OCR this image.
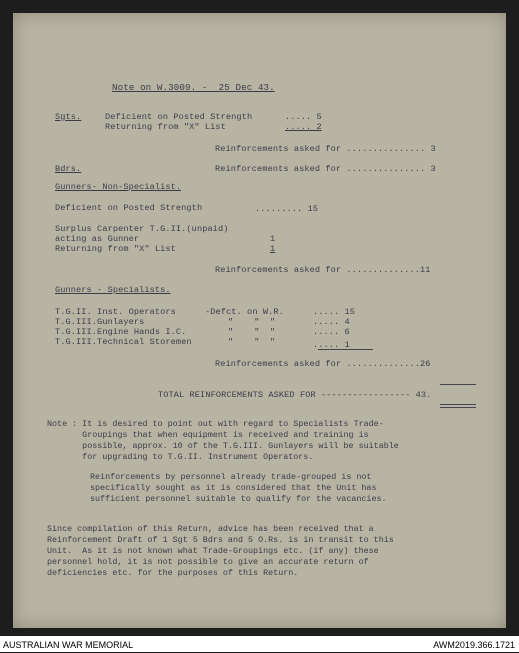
Note on W.3009. -  25 Dec 43.
Sgts.	Deficient on Posted Strength	..... 5
Returning from "X" List	..... 2
Reinforcements asked for ............... 3
Bdrs.	Reinforcements asked for ............... 3
Gunners- Non-Specialist.
Deficient on Posted Strength	......... 15
Surplus Carpenter T.G.II.(unpaid)
acting as Gunner	1
Returning from "X" List	1
Reinforcements asked for ..............11
Gunners - Specialists.
T.G.II. Inst. Operators	-Defct. on W.R.	..... 15
T.G.III.Gunlayers	"    "  "	..... 4
T.G.III.Engine Hands I.C.	"    "  "	..... 6
T.G.III.Technical Storemen	"    "  "	..... 1
Reinforcements asked for ..............26
TOTAL REINFORCEMENTS ASKED FOR ----------------- 43.
Note : It is desired to point out with regard to Specialists Trade-
Groupings that when equipment is received and training is
possible, approx. 10 of the T.G.III. Gunlayers will be suitable
for upgrading to T.G.II. Instrument Operators.
Reinforcements by personnel already trade-grouped is not
specifically sought as it is considered that the Unit has
sufficient personnel suitable to qualify for the vacancies.
Since compilation of this Return, advice has been received that a
Reinforcement Draft of 1 Sgt 5 Bdrs and 5 O.Rs. is in transit to this
Unit.  As it is not known what Trade-Groupings etc. (if any) these
personnel hold, it is not possible to give an accurate return of
deficiencies etc. for the purposes of this Return.
AUSTRALIAN WAR MEMORIAL	AWM2019.366.1721
